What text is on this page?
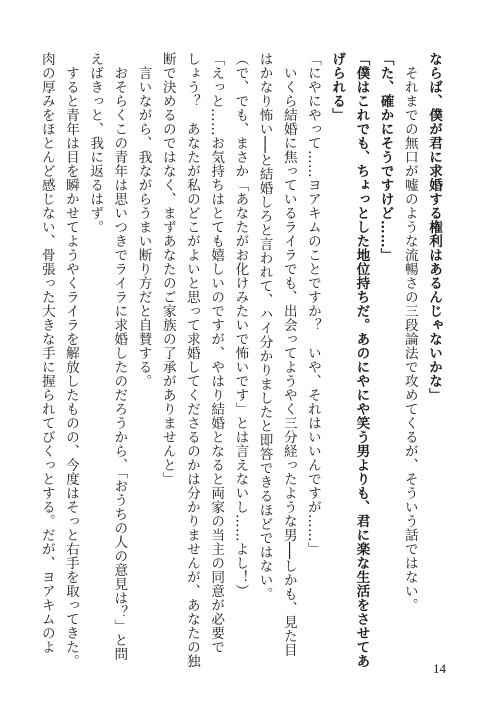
ならば、僕が君に求婚する権利はあるんじゃないかな」
それまでの無口が嘘のような流暢さの三段論法で攻めてくるが、そういう話ではない。
「た、確かにそうですけど……」
「僕はこれでも、ちょっとした地位持ちだ。あのにやにや笑う男よりも、君に楽な生活をさせてあ
げられる」
「にやにやって……ヨアキムのことですか？　いや、それはいいんですが……」
いくら結婚に焦っているライラでも、出会ってようやく三分経ったような男──しかも、見た目
はかなり怖い──と結婚しろと言われて、ハイ分かりましたと即答できるほどではない。
（で、でも、まさか「あなたがお化けみたいで怖いです」とは言えないし……よし！）
「えっと……お気持ちはとても嬉しいのですが、やはり結婚となると両家の当主の同意が必要で
しょう？　あなたが私のどこがよいと思って求婚してくださるのかは分かりませんが、あなたの独
断で決めるのではなく、まずあなたのご家族の了承がありませんと」
言いながら、我ながらうまい断り方だと自賛する。
おそらくこの青年は思いつきでライラに求婚したのだろうから、「おうちの人の意見は？」と問
えばきっと、我に返るはず。
すると青年は目を瞬かせてようやくライラを解放したものの、今度はそっと右手を取ってきた。
肉の厚みをほとんど感じない、骨張った大きな手に握られてびくっとする。だが、ヨアキムのよ
14
